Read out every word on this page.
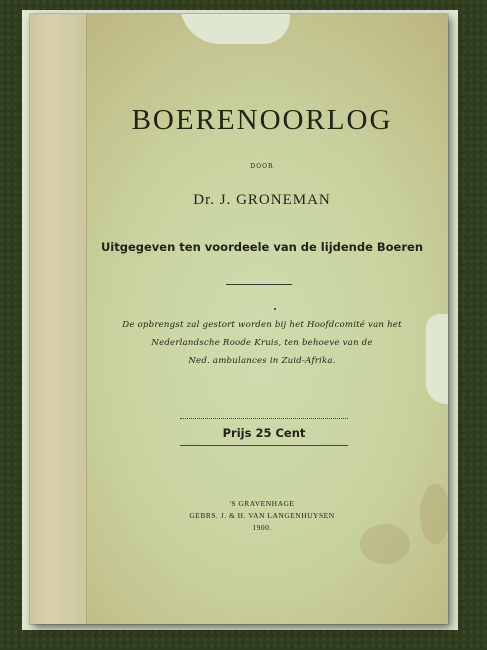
BOERENOORLOG
DOOR
Dr. J. GRONEMAN
Uitgegeven ten voordeele van de lijdende Boeren
De opbrengst zal gestort worden bij het Hoofdcomité van het
Nederlandsche Roode Kruis, ten behoeve van de
Ned. ambulances in Zuid-Afrika.
Prijs 25 Cent
'S GRAVENHAGE
GEBRS. J. & H. VAN LANGENHUYSEN
1900.
